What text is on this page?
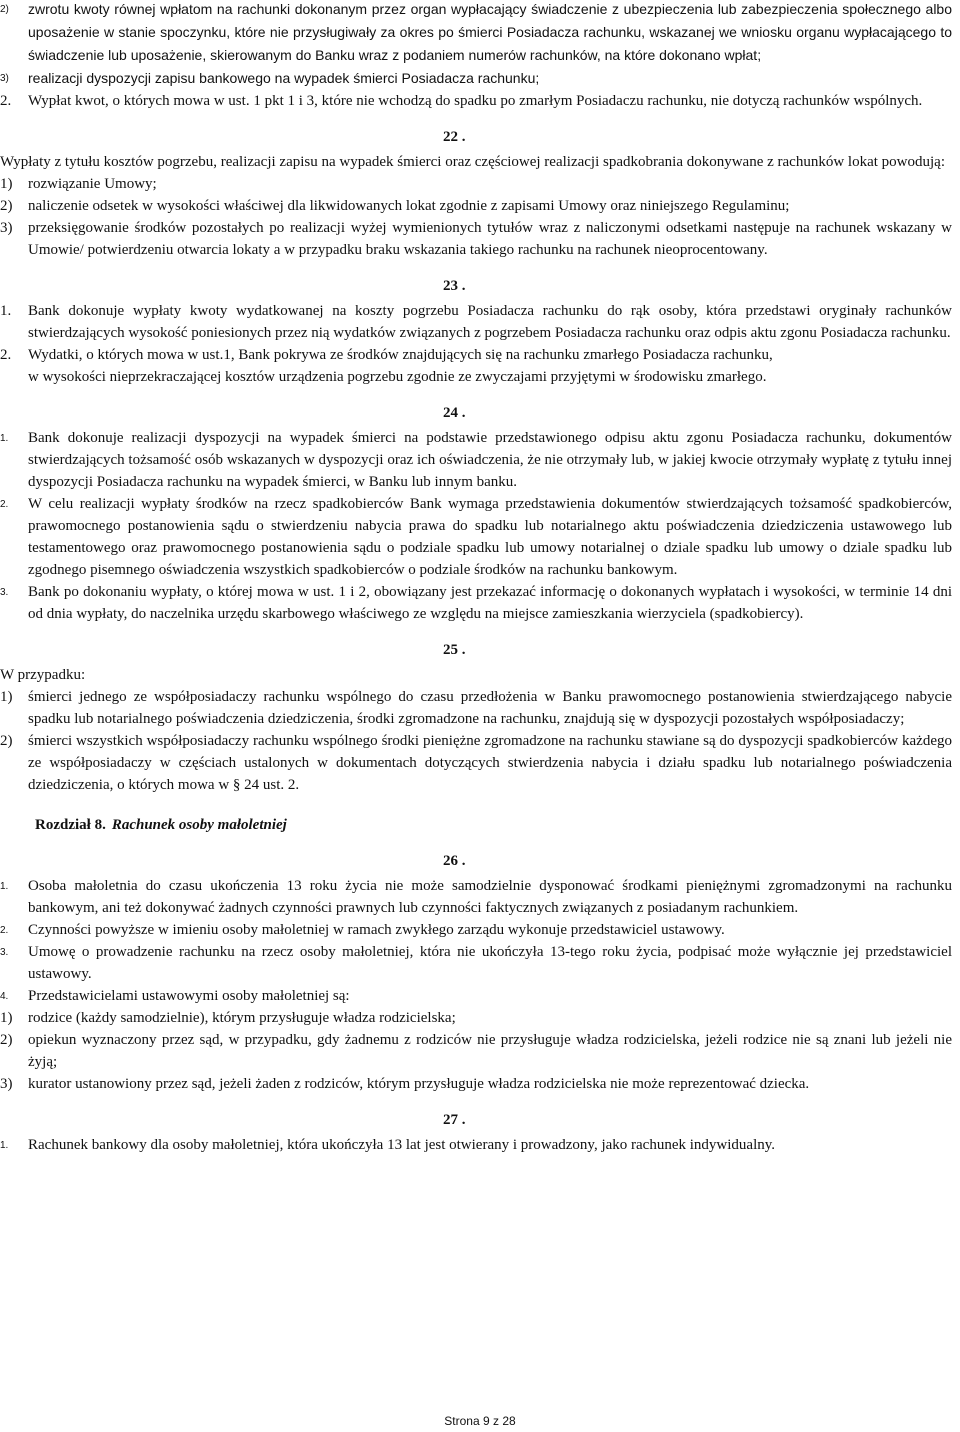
2) zwrotu kwoty równej wpłatom na rachunki dokonanym przez organ wypłacający świadczenie z ubezpieczenia lub zabezpieczenia społecznego albo uposażenie w stanie spoczynku, które nie przysługiwały za okres po śmierci Posiadacza rachunku, wskazanej we wniosku organu wypłacającego to świadczenie lub uposażenie, skierowanym do Banku wraz z podaniem numerów rachunków, na które dokonano wpłat;
3) realizacji dyspozycji zapisu bankowego na wypadek śmierci Posiadacza rachunku;
2. Wypłat kwot, o których mowa w ust. 1 pkt 1 i 3, które nie wchodzą do spadku po zmarłym Posiadaczu rachunku, nie dotyczą rachunków wspólnych.
22 .
Wypłaty z tytułu kosztów pogrzebu, realizacji zapisu na wypadek śmierci oraz częściowej realizacji spadkobrania dokonywane z rachunków lokat powodują:
1) rozwiązanie Umowy;
2) naliczenie odsetek w wysokości właściwej dla likwidowanych lokat zgodnie z zapisami Umowy oraz niniejszego Regulaminu;
3) przeksięgowanie środków pozostałych po realizacji wyżej wymienionych tytułów wraz z naliczonymi odsetkami następuje na rachunek wskazany w Umowie/ potwierdzeniu otwarcia lokaty a w przypadku braku wskazania takiego rachunku na rachunek nieoprocentowany.
23 .
1. Bank dokonuje wypłaty kwoty wydatkowanej na koszty pogrzebu Posiadacza rachunku do rąk osoby, która przedstawi oryginały rachunków stwierdzających wysokość poniesionych przez nią wydatków związanych z pogrzebem Posiadacza rachunku oraz odpis aktu zgonu Posiadacza rachunku.
2. Wydatki, o których mowa w ust.1, Bank pokrywa ze środków znajdujących się na rachunku zmarłego Posiadacza rachunku,
w wysokości nieprzekraczającej kosztów urządzenia pogrzebu zgodnie ze zwyczajami przyjętymi w środowisku zmarłego.
24 .
1. Bank dokonuje realizacji dyspozycji na wypadek śmierci na podstawie przedstawionego odpisu aktu zgonu Posiadacza rachunku, dokumentów stwierdzających tożsamość osób wskazanych w dyspozycji oraz ich oświadczenia, że nie otrzymały lub, w jakiej kwocie otrzymały wypłatę z tytułu innej dyspozycji Posiadacza rachunku na wypadek śmierci, w Banku lub innym banku.
2. W celu realizacji wypłaty środków na rzecz spadkobierców Bank wymaga przedstawienia dokumentów stwierdzających tożsamość spadkobierców, prawomocnego postanowienia sądu o stwierdzeniu nabycia prawa do spadku lub notarialnego aktu poświadczenia dziedziczenia ustawowego lub testamentowego oraz prawomocnego postanowienia sądu o podziale spadku lub umowy notarialnej o dziale spadku lub umowy o dziale spadku lub zgodnego pisemnego oświadczenia wszystkich spadkobierców o podziale środków na rachunku bankowym.
3. Bank po dokonaniu wypłaty, o której mowa w ust. 1 i 2, obowiązany jest przekazać informację o dokonanych wypłatach i wysokości, w terminie 14 dni od dnia wypłaty, do naczelnika urzędu skarbowego właściwego ze względu na miejsce zamieszkania wierzyciela (spadkobiercy).
25 .
W przypadku:
1) śmierci jednego ze współposiadaczy rachunku wspólnego do czasu przedłożenia w Banku prawomocnego postanowienia stwierdzającego nabycie spadku lub notarialnego poświadczenia dziedziczenia, środki zgromadzone na rachunku, znajdują się w dyspozycji pozostałych współposiadaczy;
2) śmierci wszystkich współposiadaczy rachunku wspólnego środki pieniężne zgromadzone na rachunku stawiane są do dyspozycji spadkobierców każdego ze współposiadaczy w częściach ustalonych w dokumentach dotyczących stwierdzenia nabycia i działu spadku lub notarialnego poświadczenia dziedziczenia, o których mowa w § 24 ust. 2.
Rozdział 8. Rachunek osoby małoletniej
26 .
1. Osoba małoletnia do czasu ukończenia 13 roku życia nie może samodzielnie dysponować środkami pieniężnymi zgromadzonymi na rachunku bankowym, ani też dokonywać żadnych czynności prawnych lub czynności faktycznych związanych z posiadanym rachunkiem.
2. Czynności powyższe w imieniu osoby małoletniej w ramach zwykłego zarządu wykonuje przedstawiciel ustawowy.
3. Umowę o prowadzenie rachunku na rzecz osoby małoletniej, która nie ukończyła 13-tego roku życia, podpisać może wyłącznie jej przedstawiciel ustawowy.
4. Przedstawicielami ustawowymi osoby małoletniej są:
1) rodzice (każdy samodzielnie), którym przysługuje władza rodzicielska;
2) opiekun wyznaczony przez sąd, w przypadku, gdy żadnemu z rodziców nie przysługuje władza rodzicielska, jeżeli rodzice nie są znani lub jeżeli nie żyją;
3) kurator ustanowiony przez sąd, jeżeli żaden z rodziców, którym przysługuje władza rodzicielska nie może reprezentować dziecka.
27 .
1. Rachunek bankowy dla osoby małoletniej, która ukończyła 13 lat jest otwierany i prowadzony, jako rachunek indywidualny.
Strona 9 z 28
